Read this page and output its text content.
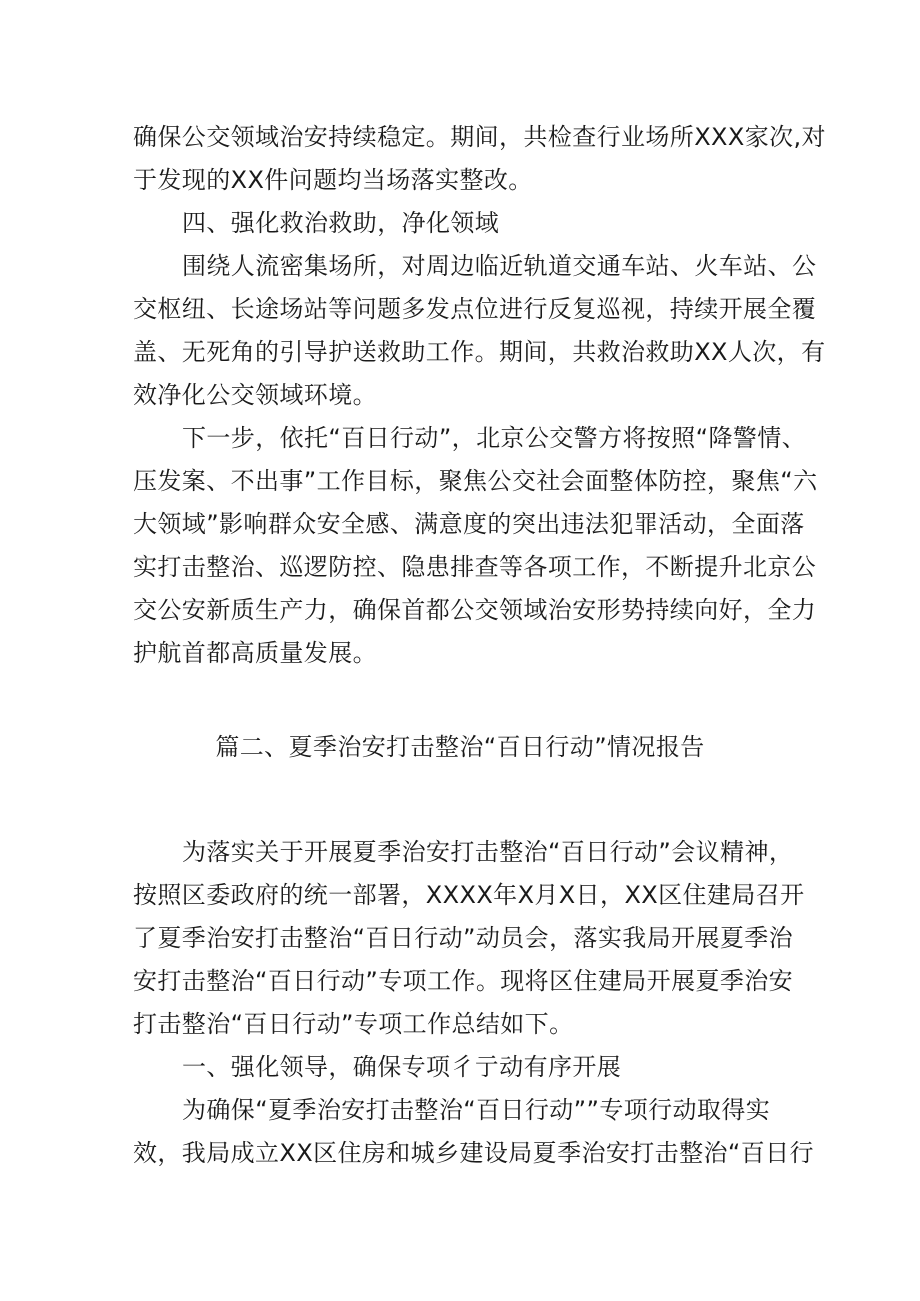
确保公交领域治安持续稳定。期间，共检查行业场所XXX家次,对
于发现的XX件问题均当场落实整改。
四、强化救治救助，净化领域
围绕人流密集场所，对周边临近轨道交通车站、火车站、公
交枢纽、长途场站等问题多发点位进行反复巡视，持续开展全覆
盖、无死角的引导护送救助工作。期间，共救治救助XX人次，有
效净化公交领域环境。
下一步，依托“百日行动”，北京公交警方将按照“降警情、
压发案、不出事”工作目标，聚焦公交社会面整体防控，聚焦“六
大领域”影响群众安全感、满意度的突出违法犯罪活动，全面落
实打击整治、巡逻防控、隐患排查等各项工作，不断提升北京公
交公安新质生产力，确保首都公交领域治安形势持续向好，全力
护航首都高质量发展。
篇二、夏季治安打击整治“百日行动”情况报告
为落实关于开展夏季治安打击整治“百日行动”会议精神，
按照区委政府的统一部署，XXXX年X月X日，XX区住建局召开
了夏季治安打击整治“百日行动”动员会，落实我局开展夏季治
安打击整治“百日行动”专项工作。现将区住建局开展夏季治安
打击整治“百日行动”专项工作总结如下。
一、强化领导，确保专项彳亍动有序开展
为确保“夏季治安打击整治“百日行动””专项行动取得实
效，我局成立XX区住房和城乡建设局夏季治安打击整治“百日行
